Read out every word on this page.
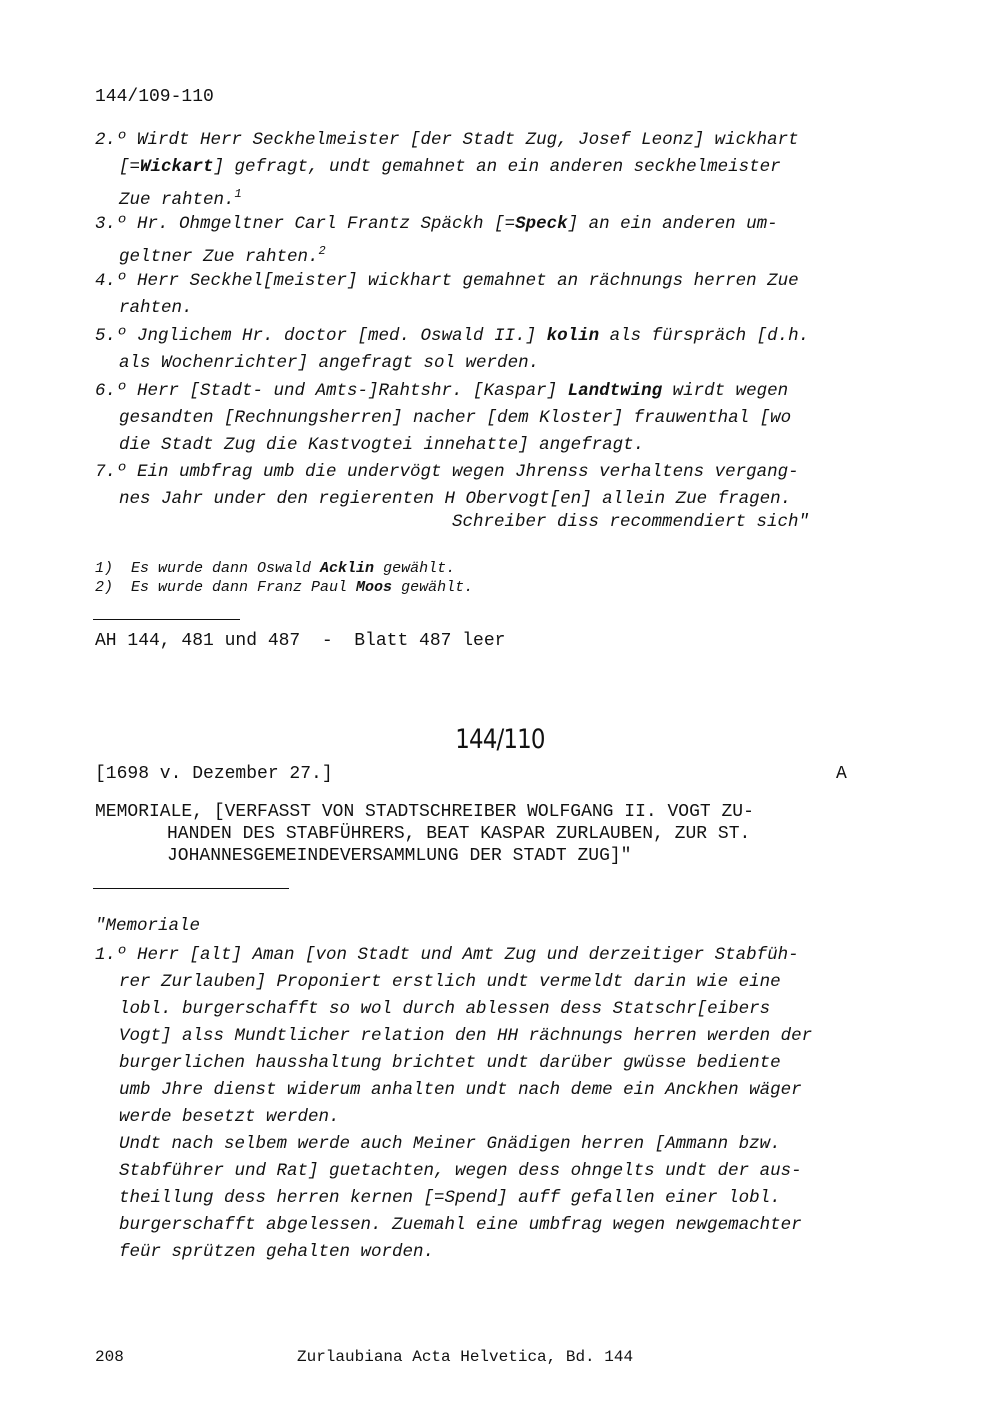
144/109-110
2.º Wirdt Herr Seckhelmeister [der Stadt Zug, Josef Leonz] wickhart
[=Wickart] gefragt, undt gemahnet an ein anderen seckhelmeister
Zue rahten.$^1$
3.º Hr. Ohmgeltner Carl Frantz Späckh [=Speck] an ein anderen um-
geltner Zue rahten.$^2$
4.º Herr Seckhel[meister] wickhart gemahnet an rächnungs herren Zue
rahten.
5.º Jnglichem Hr. doctor [med. Oswald II.] kolin als fürspräch [d.h.
als Wochenrichter] angefragt sol werden.
6.º Herr [Stadt- und Amts-]Rahtshr. [Kaspar] Landtwing wirdt wegen
gesandten [Rechnungsherren] nacher [dem Kloster] frauwenthal [wo
die Stadt Zug die Kastvogtei innehatte] angefragt.
7.º Ein umbfrag umb die undervögt wegen Jhrenss verhaltens vergang-
nes Jahr under den regierenten H Obervogt[en] allein Zue fragen.
Schreiber diss recommendiert sich"
1)  Es wurde dann Oswald Acklin gewählt.
2)  Es wurde dann Franz Paul Moos gewählt.
AH 144, 481 und 487  -  Blatt 487 leer
144/110
[1698 v. Dezember 27.]	A
MEMORIALE, [VERFASST VON STADTSCHREIBER WOLFGANG II. VOGT ZU-
HANDEN DES STABFÜHRERS, BEAT KASPAR ZURLAUBEN, ZUR ST.
JOHANNESGEMEINDEVERSAMMLUNG DER STADT ZUG]"
"Memoriale
1.º Herr [alt] Aman [von Stadt und Amt Zug und derzeitiger Stabfüh-
rer Zurlauben] Proponiert erstlich undt vermeldt darin wie eine
lobl. burgerschafft so wol durch ablessen dess Statschr[eibers
Vogt] alss Mundtlicher relation den HH rächnungs herren werden der
burgerlichen hausshaltung brichtet undt darüber gwüsse bediente
umb Jhre dienst widerum anhalten undt nach deme ein Anckhen wäger
werde besetzt werden.
Undt nach selbem werde auch Meiner Gnädigen herren [Ammann bzw.
Stabführer und Rat] guetachten, wegen dess ohngelts undt der aus-
theillung dess herren kernen [=Spend] auff gefallen einer lobl.
burgerschafft abgelessen. Zuemahl eine umbfrag wegen newgemachter
feür sprützen gehalten worden.
208	Zurlaubiana Acta Helvetica, Bd. 144
